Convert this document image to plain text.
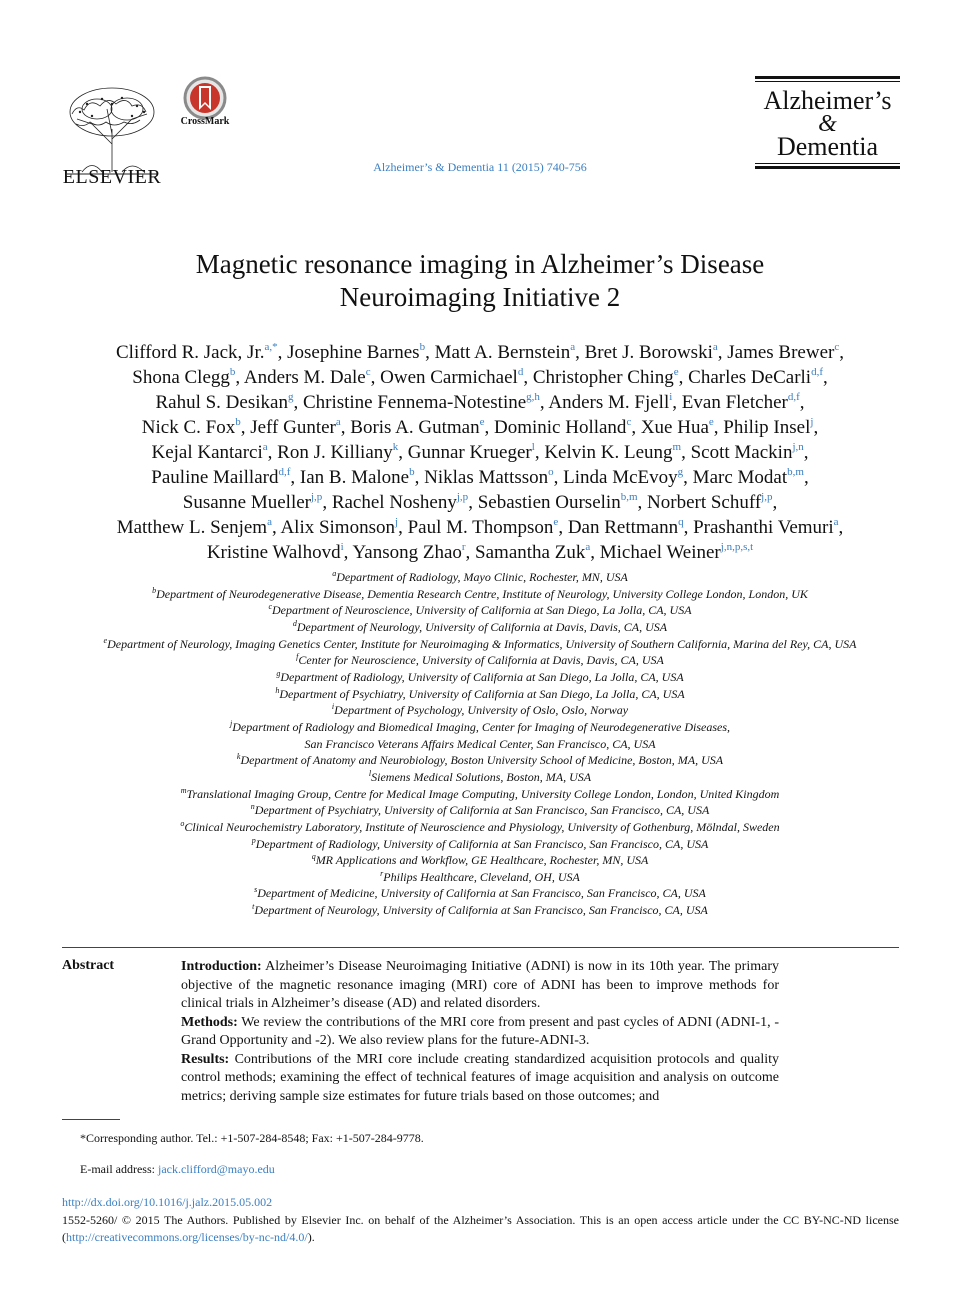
ELSEVIER
CrossMark
Alzheimer’s & Dementia 11 (2015) 740-756
Alzheimer’s
&
Dementia
Magnetic resonance imaging in Alzheimer’s Disease
Neuroimaging Initiative 2
Clifford R. Jack, Jr.$^{a,*}$, Josephine Barnes$^b$, Matt A. Bernstein$^a$, Bret J. Borowski$^a$, James Brewer$^c$,
Shona Clegg$^b$, Anders M. Dale$^c$, Owen Carmichael$^d$, Christopher Ching$^e$, Charles DeCarli$^{d,f}$,
Rahul S. Desikan$^g$, Christine Fennema-Notestine$^{g,h}$, Anders M. Fjell$^i$, Evan Fletcher$^{d,f}$,
Nick C. Fox$^b$, Jeff Gunter$^a$, Boris A. Gutman$^e$, Dominic Holland$^c$, Xue Hua$^e$, Philip Insel$^j$,
Kejal Kantarci$^a$, Ron J. Killiany$^k$, Gunnar Krueger$^l$, Kelvin K. Leung$^m$, Scott Mackin$^{j,n}$,
Pauline Maillard$^{d,f}$, Ian B. Malone$^b$, Niklas Mattsson$^o$, Linda McEvoy$^g$, Marc Modat$^{b,m}$,
Susanne Mueller$^{j,p}$, Rachel Nosheny$^{j,p}$, Sebastien Ourselin$^{b,m}$, Norbert Schuff$^{j,p}$,
Matthew L. Senjem$^a$, Alix Simonson$^j$, Paul M. Thompson$^e$, Dan Rettmann$^q$, Prashanthi Vemuri$^a$,
Kristine Walhovd$^i$, Yansong Zhao$^r$, Samantha Zuk$^a$, Michael Weiner$^{j,n,p,s,t}$
$^a$Department of Radiology, Mayo Clinic, Rochester, MN, USA
$^b$Department of Neurodegenerative Disease, Dementia Research Centre, Institute of Neurology, University College London, London, UK
$^c$Department of Neuroscience, University of California at San Diego, La Jolla, CA, USA
$^d$Department of Neurology, University of California at Davis, Davis, CA, USA
$^e$Department of Neurology, Imaging Genetics Center, Institute for Neuroimaging & Informatics, University of Southern California, Marina del Rey, CA, USA
$^f$Center for Neuroscience, University of California at Davis, Davis, CA, USA
$^g$Department of Radiology, University of California at San Diego, La Jolla, CA, USA
$^h$Department of Psychiatry, University of California at San Diego, La Jolla, CA, USA
$^i$Department of Psychology, University of Oslo, Oslo, Norway
$^j$Department of Radiology and Biomedical Imaging, Center for Imaging of Neurodegenerative Diseases,
San Francisco Veterans Affairs Medical Center, San Francisco, CA, USA
$^k$Department of Anatomy and Neurobiology, Boston University School of Medicine, Boston, MA, USA
$^l$Siemens Medical Solutions, Boston, MA, USA
$^m$Translational Imaging Group, Centre for Medical Image Computing, University College London, London, United Kingdom
$^n$Department of Psychiatry, University of California at San Francisco, San Francisco, CA, USA
$^o$Clinical Neurochemistry Laboratory, Institute of Neuroscience and Physiology, University of Gothenburg, Mölndal, Sweden
$^p$Department of Radiology, University of California at San Francisco, San Francisco, CA, USA
$^q$MR Applications and Workflow, GE Healthcare, Rochester, MN, USA
$^r$Philips Healthcare, Cleveland, OH, USA
$^s$Department of Medicine, University of California at San Francisco, San Francisco, CA, USA
$^t$Department of Neurology, University of California at San Francisco, San Francisco, CA, USA
Abstract	Introduction: Alzheimer’s Disease Neuroimaging Initiative (ADNI) is now in its 10th year. The primary objective of the magnetic resonance imaging (MRI) core of ADNI has been to improve methods for clinical trials in Alzheimer’s disease (AD) and related disorders.

Methods: We review the contributions of the MRI core from present and past cycles of ADNI (ADNI-1, -Grand Opportunity and -2). We also review plans for the future-ADNI-3.

Results: Contributions of the MRI core include creating standardized acquisition protocols and quality control methods; examining the effect of technical features of image acquisition and analysis on outcome metrics; deriving sample size estimates for future trials based on those outcomes; and

*Corresponding author. Tel.: +1-507-284-8548; Fax: +1-507-284-9778.
E-mail address: jack.clifford@mayo.edu
http://dx.doi.org/10.1016/j.jalz.2015.05.002
1552-5260/ © 2015 The Authors. Published by Elsevier Inc. on behalf of the Alzheimer’s Association. This is an open access article under the CC BY-NC-ND license (http://creativecommons.org/licenses/by-nc-nd/4.0/).
